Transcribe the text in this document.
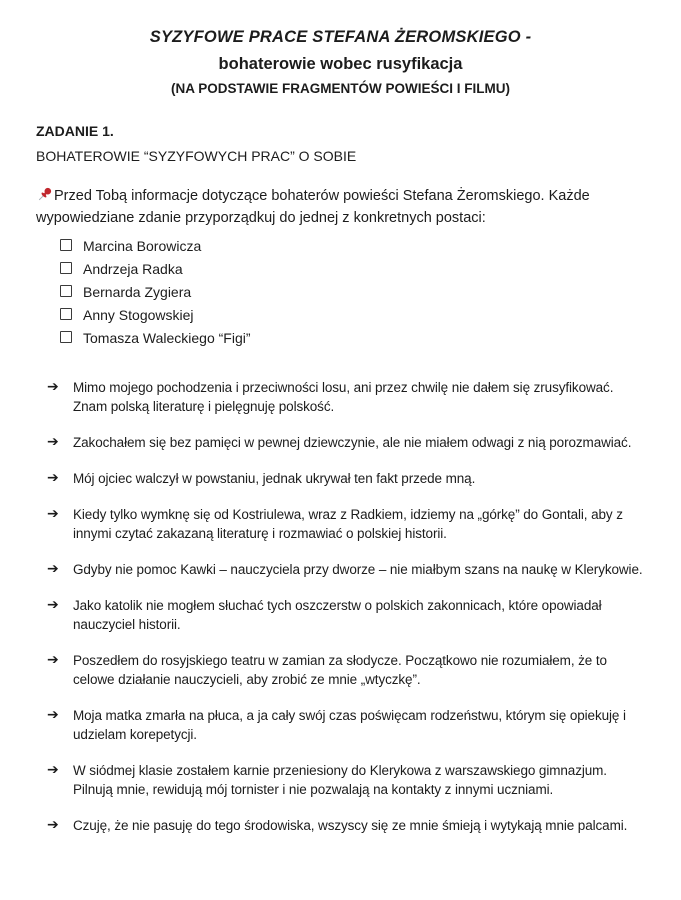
SYZYFOWE PRACE STEFANA ŻEROMSKIEGO -
bohaterowie wobec rusyfikacja
(NA PODSTAWIE FRAGMENTÓW POWIEŚCI I FILMU)
ZADANIE 1.
BOHATEROWIE “SYZYFOWYCH PRAC” O SOBIE

Przed Tobą informacje dotyczące bohaterów powieści Stefana Żeromskiego. Każde wypowiedziane zdanie przyporządkuj do jednej z konkretnych postaci:

Marcina Borowicza
Andrzeja Radka
Bernarda Zygiera
Anny Stogowskiej
Tomasza Waleckiego “Figi”
➔	Mimo mojego pochodzenia i przeciwności losu, ani przez chwilę nie dałem się zrusyfikować. Znam polską literaturę i pielęgnuję polskość.
➔	Zakochałem się bez pamięci w pewnej dziewczynie, ale nie miałem odwagi z nią porozmawiać.
➔	Mój ojciec walczył w powstaniu, jednak ukrywał ten fakt przede mną.
➔	Kiedy tylko wymknę się od Kostriulewa, wraz z Radkiem, idziemy na „górkę” do Gontali, aby z innymi czytać zakazaną literaturę i rozmawiać o polskiej historii.
➔	Gdyby nie pomoc Kawki – nauczyciela przy dworze – nie miałbym szans na naukę w Klerykowie.
➔	Jako katolik nie mogłem słuchać tych oszczerstw o polskich zakonnicach, które opowiadał nauczyciel historii.
➔	Poszedłem do rosyjskiego teatru w zamian za słodycze. Początkowo nie rozumiałem, że to celowe działanie nauczycieli, aby zrobić ze mnie „wtyczkę”.
➔	Moja matka zmarła na płuca, a ja cały swój czas poświęcam rodzeństwu, którym się opiekuję i udzielam korepetycji.
➔	W siódmej klasie zostałem karnie przeniesiony do Klerykowa z warszawskiego gimnazjum. Pilnują mnie, rewidują mój tornister i nie pozwalają na kontakty z innymi uczniami.
➔	Czuję, że nie pasuję do tego środowiska, wszyscy się ze mnie śmieją i wytykają mnie palcami.
